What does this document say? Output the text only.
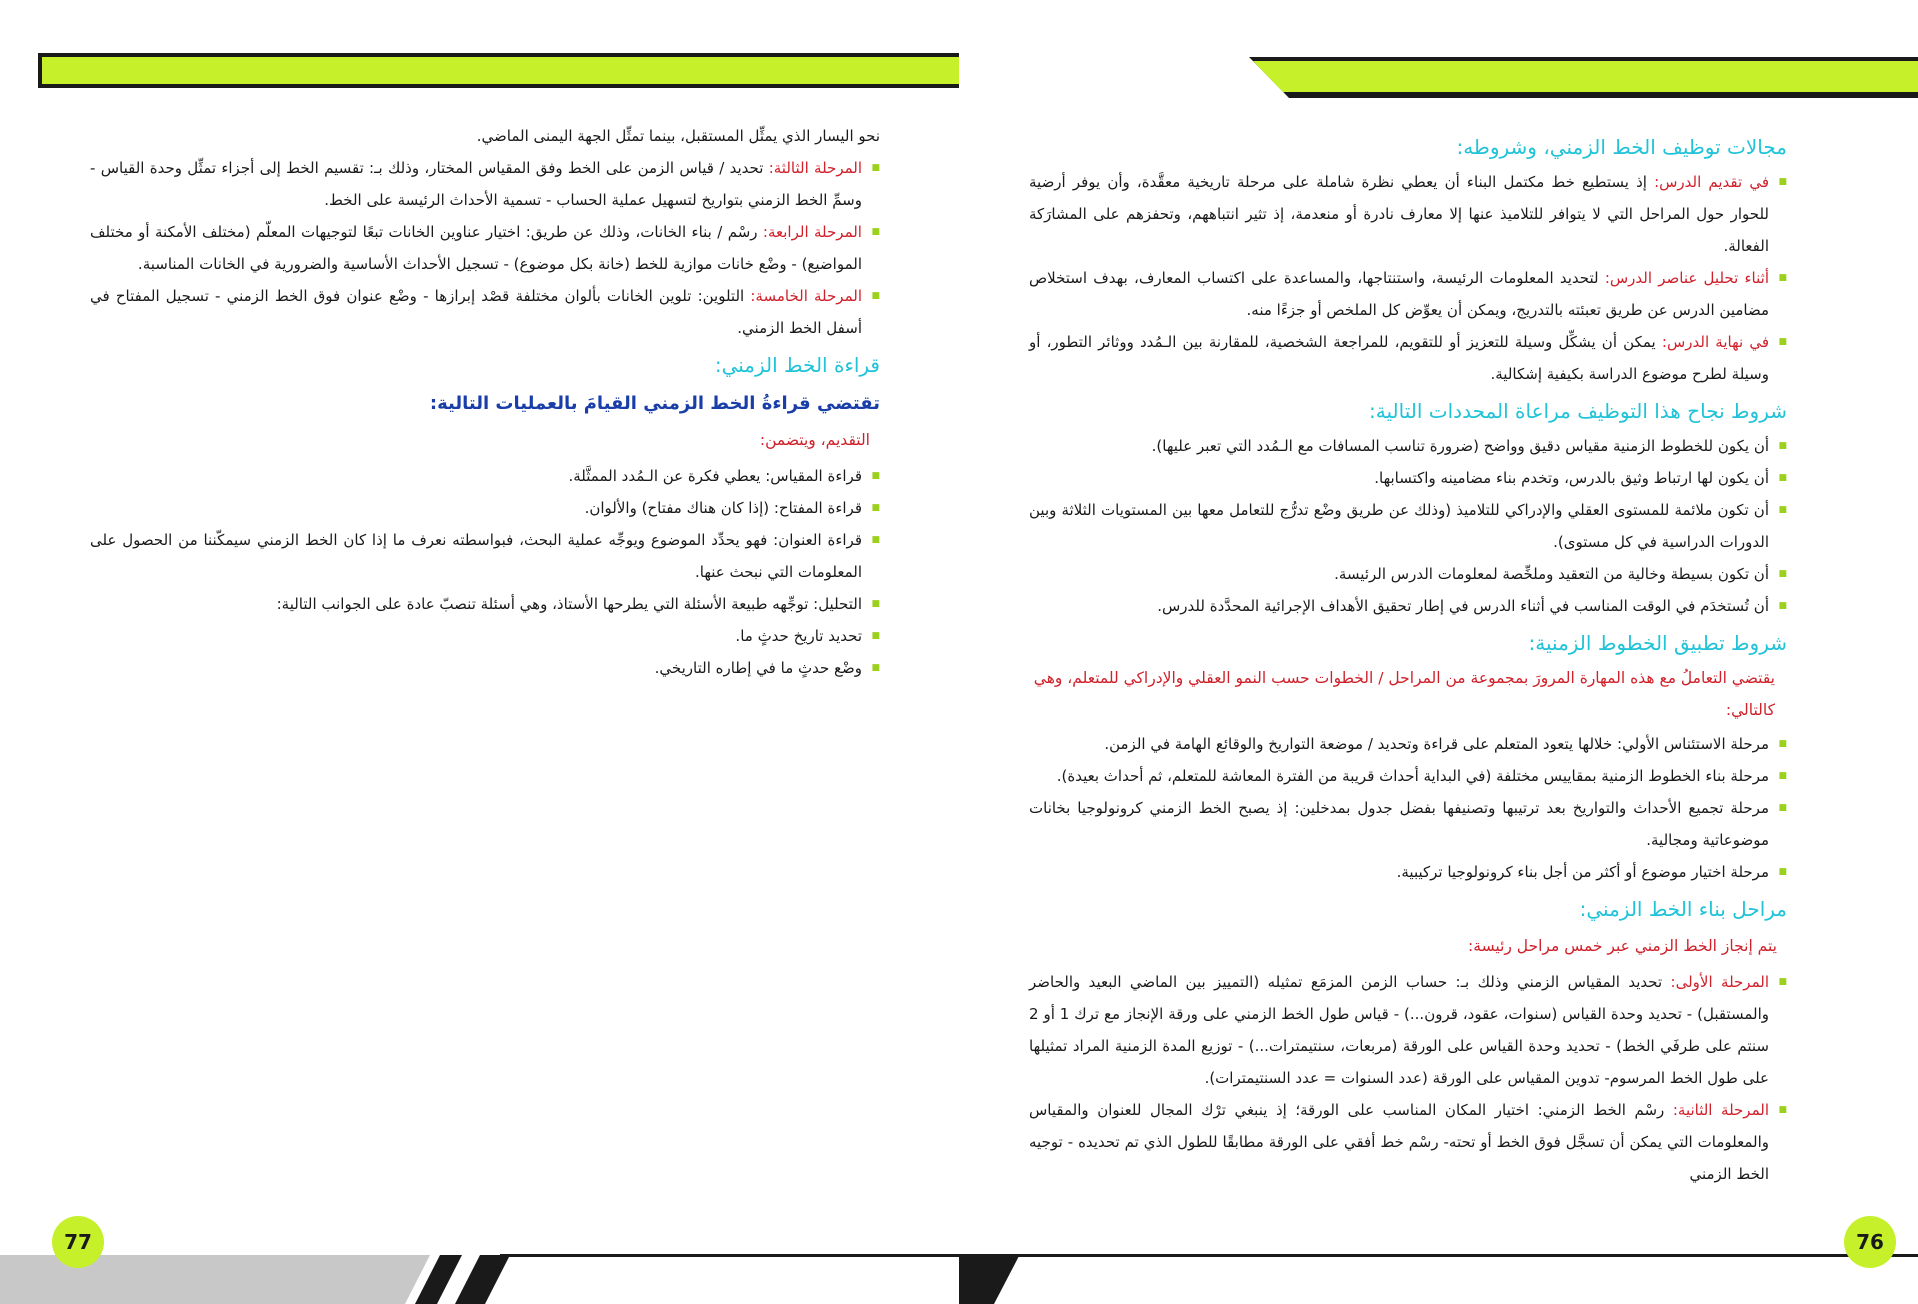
نحو اليسار الذي يمثِّل المستقبل، بينما تمثِّل الجهة اليمنى الماضي.

■ المرحلة الثالثة: تحديد / قياس الزمن على الخط وفق المقياس المختار، وذلك بـ: تقسيم الخط إلى أجزاء تمثِّل وحدة القياس - وسمِّ الخط الزمني بتواريخ لتسهيل عملية الحساب - تسمية الأحداث الرئيسة على الخط.
■ المرحلة الرابعة: رسْم / بناء الخانات، وذلك عن طريق: اختيار عناوين الخانات تبعًا لتوجيهات المعلّم (مختلف الأمكنة أو مختلف المواضيع) - وضْع خانات موازية للخط (خانة بكل موضوع) - تسجيل الأحداث الأساسية والضرورية في الخانات المناسبة.
■ المرحلة الخامسة: التلوين: تلوين الخانات بألوان مختلفة قصْد إبرازها - وضْع عنوان فوق الخط الزمني - تسجيل المفتاح في أسفل الخط الزمني.
قراءة الخط الزمني:
تقتضي قراءةُ الخط الزمني القيامَ بالعمليات التالية:
التقديم، ويتضمن:
■ قراءة المقياس: يعطي فكرة عن الـمُدد الممثَّلة.
■ قراءة المفتاح: (إذا كان هناك مفتاح) والألوان.
■ قراءة العنوان: فهو يحدِّد الموضوع ويوجِّه عملية البحث، فبواسطته نعرف ما إذا كان الخط الزمني سيمكّننا من الحصول على المعلومات التي نبحث عنها.
■ التحليل: توجِّهه طبيعة الأسئلة التي يطرحها الأستاذ، وهي أسئلة تنصبّ عادة على الجوانب التالية:
■ تحديد تاريخ حدثٍ ما.
■ وضْع حدثٍ ما في إطاره التاريخي.
77
مجالات توظيف الخط الزمني، وشروطه:
■ في تقديم الدرس: إذ يستطيع خط مكتمل البناء أن يعطي نظرة شاملة على مرحلة تاريخية معقَّدة، وأن يوفر أرضية للحوار حول المراحل التي لا يتوافر للتلاميذ عنها إلا معارف نادرة أو منعدمة، إذ تثير انتباههم، وتحفزهم على المشارَكة الفعالة.
■ أثناء تحليل عناصر الدرس: لتحديد المعلومات الرئيسة، واستنتاجها، والمساعدة على اكتساب المعارف، بهدف استخلاص مضامين الدرس عن طريق تعبئته بالتدريج، ويمكن أن يعوِّض كل الملخص أو جزءًا منه.
■ في نهاية الدرس: يمكن أن يشكِّل وسيلة للتعزيز أو للتقويم، للمراجعة الشخصية، للمقارنة بين الـمُدد ووثائر التطور، أو وسيلة لطرح موضوع الدراسة بكيفية إشكالية.
شروط نجاح هذا التوظيف مراعاة المحددات التالية:
■ أن يكون للخطوط الزمنية مقياس دقيق وواضح (ضرورة تناسب المسافات مع الـمُدد التي تعبر عليها).
■ أن يكون لها ارتباط وثيق بالدرس، وتخدم بناء مضامينه واكتسابها.
■ أن تكون ملائمة للمستوى العقلي والإدراكي للتلاميذ (وذلك عن طريق وضْع تدرُّج للتعامل معها بين المستويات الثلاثة وبين الدورات الدراسية في كل مستوى).
■ أن تكون بسيطة وخالية من التعقيد وملخِّصة لمعلومات الدرس الرئيسة.
■ أن تُستخدَم في الوقت المناسب في أثناء الدرس في إطار تحقيق الأهداف الإجرائية المحدَّدة للدرس.
شروط تطبيق الخطوط الزمنية:
يقتضي التعاملُ مع هذه المهارة المرورَ بمجموعة من المراحل / الخطوات حسب النمو العقلي والإدراكي للمتعلم، وهي كالتالي:
■ مرحلة الاستئناس الأولي: خلالها يتعود المتعلم على قراءة وتحديد / موضعة التواريخ والوقائع الهامة في الزمن.
■ مرحلة بناء الخطوط الزمنية بمقاييس مختلفة (في البداية أحداث قريبة من الفترة المعاشة للمتعلم، ثم أحداث بعيدة).
■ مرحلة تجميع الأحداث والتواريخ بعد ترتيبها وتصنيفها بفضل جدول بمدخلين: إذ يصبح الخط الزمني كرونولوجيا بخانات موضوعاتية ومجالية.
■ مرحلة اختيار موضوع أو أكثر من أجل بناء كرونولوجيا تركيبية.
مراحل بناء الخط الزمني:
يتم إنجاز الخط الزمني عبر خمس مراحل رئيسة:
■ المرحلة الأولى: تحديد المقياس الزمني وذلك بـ: حساب الزمن المزمَع تمثيله (التمييز بين الماضي البعيد والحاضر والمستقبل) - تحديد وحدة القياس (سنوات، عقود، قرون...) - قياس طول الخط الزمني على ورقة الإنجاز مع ترك 1 أو 2 سنتم على طرفَي الخط) - تحديد وحدة القياس على الورقة (مربعات، سنتيمترات...) - توزيع المدة الزمنية المراد تمثيلها على طول الخط المرسوم- تدوين المقياس على الورقة (عدد السنوات = عدد السنتيمترات).
■ المرحلة الثانية: رسْم الخط الزمني: اختيار المكان المناسب على الورقة؛ إذ ينبغي ترْك المجال للعنوان والمقياس والمعلومات التي يمكن أن تسجَّل فوق الخط أو تحته- رسْم خط أفقي على الورقة مطابقًا للطول الذي تم تحديده - توجيه الخط الزمني
76
